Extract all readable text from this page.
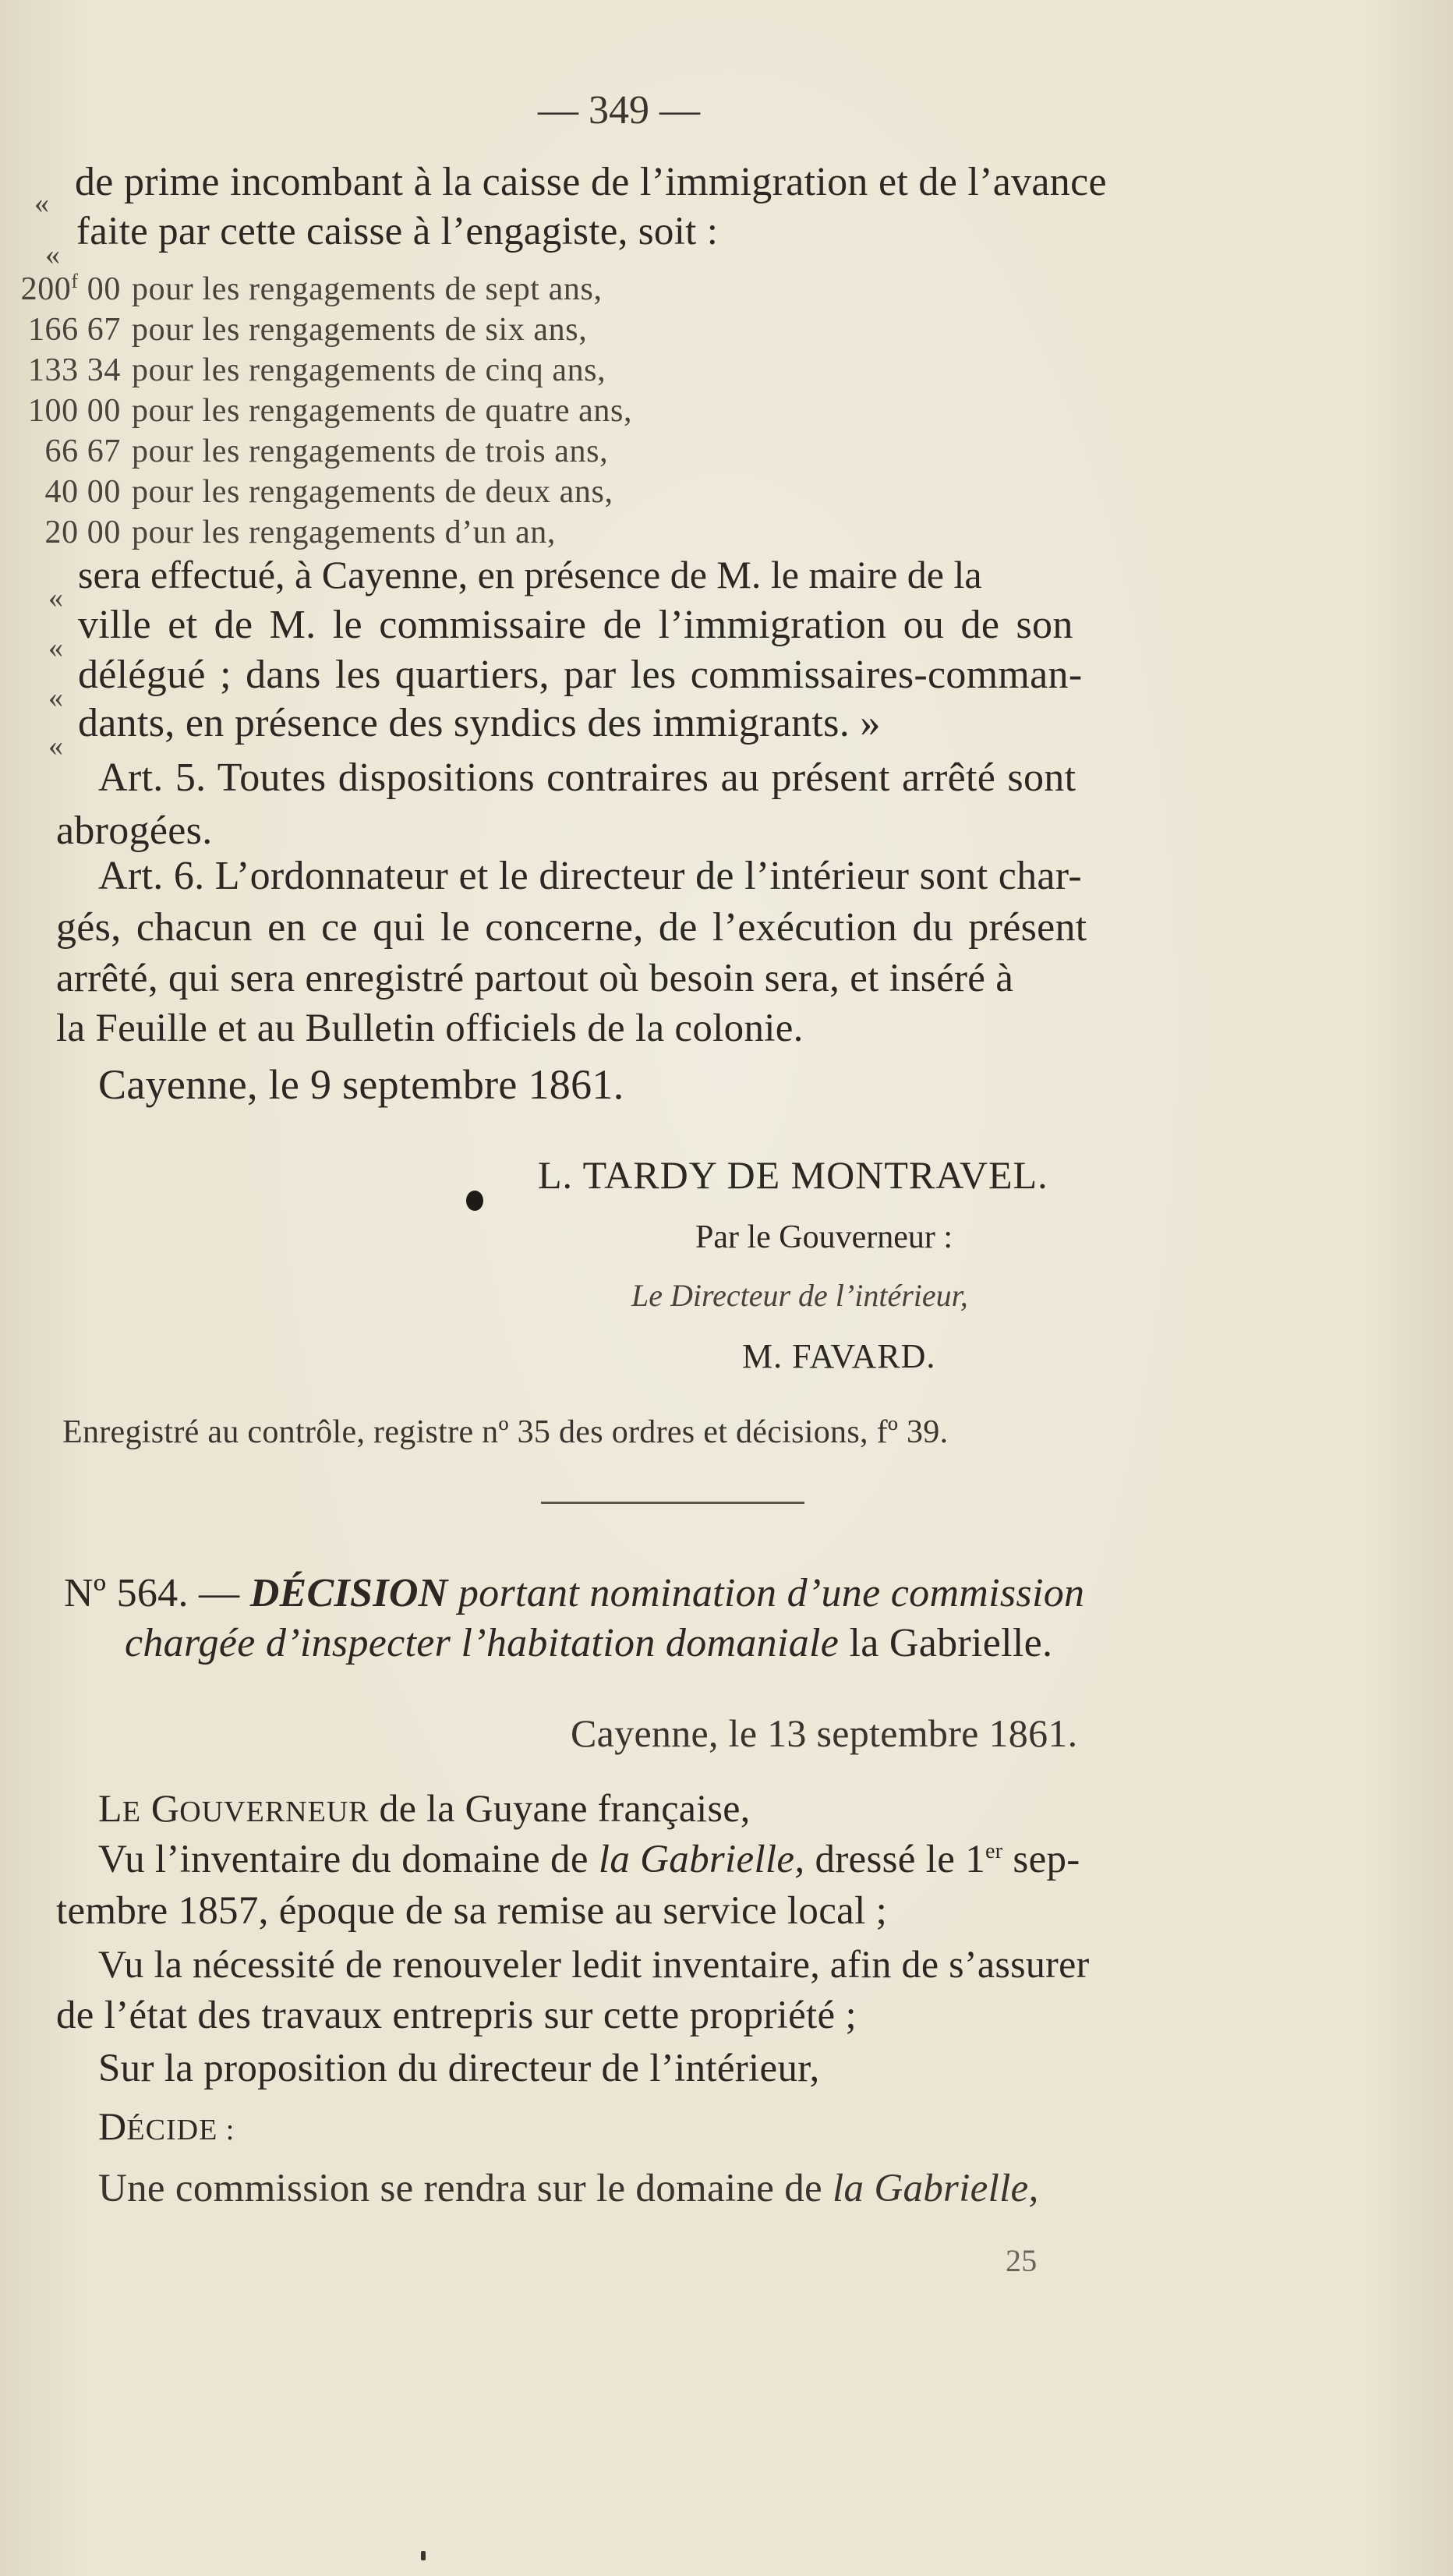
— 349 —
« de prime incombant à la caisse de l’immigration et de l’avance
«
faite par cette caisse à l’engagiste, soit :
200$^f$ 00 pour les rengagements de sept ans,
166 67 pour les rengagements de six ans,
133 34 pour les rengagements de cinq ans,
100 00 pour les rengagements de quatre ans,
66 67 pour les rengagements de trois ans,
40 00 pour les rengagements de deux ans,
20 00 pour les rengagements d’un an,
«
sera effectué, à Cayenne, en présence de M. le maire de la
«
ville et de M. le commissaire de l’immigration ou de son
«
délégué ; dans les quartiers, par les commissaires-comman-
«
dants, en présence des syndics des immigrants. »
Art. 5. Toutes dispositions contraires au présent arrêté sont
abrogées.
Art. 6. L’ordonnateur et le directeur de l’intérieur sont char-
gés, chacun en ce qui le concerne, de l’exécution du présent
arrêté, qui sera enregistré partout où besoin sera, et inséré à
la Feuille et au Bulletin officiels de la colonie.
Cayenne, le 9 septembre 1861.
L. TARDY DE MONTRAVEL.
Par le Gouverneur :
Le Directeur de l’intérieur,
M. FAVARD.
Enregistré au contrôle, registre nº 35 des ordres et décisions, fº 39.
Nº 564. — DÉCISION portant nomination d’une commission
chargée d’inspecter l’habitation domaniale la Gabrielle.
Cayenne, le 13 septembre 1861.
LE GOUVERNEUR de la Guyane française,
Vu l’inventaire du domaine de la Gabrielle, dressé le 1er sep-
tembre 1857, époque de sa remise au service local ;
Vu la nécessité de renouveler ledit inventaire, afin de s’assurer
de l’état des travaux entrepris sur cette propriété ;
Sur la proposition du directeur de l’intérieur,
DÉCIDE :
Une commission se rendra sur le domaine de la Gabrielle,
25
